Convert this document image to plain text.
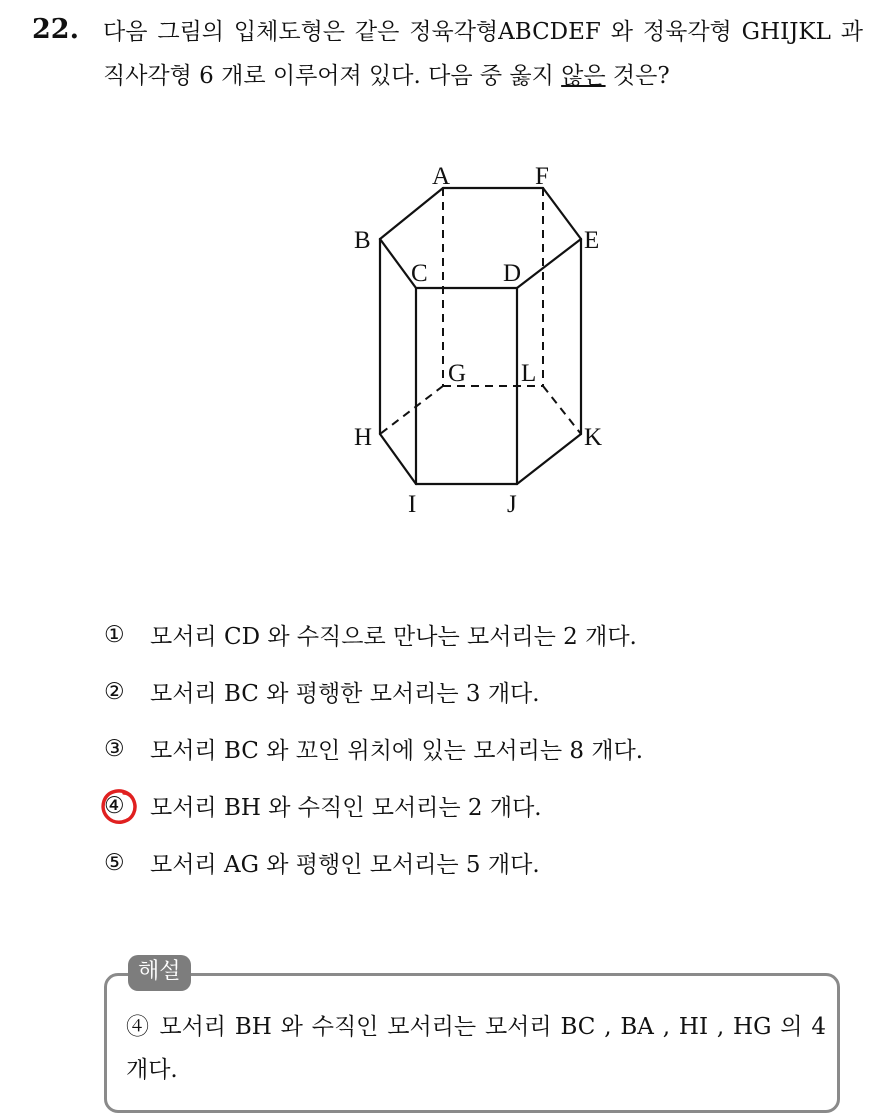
22. 다음 그림의 입체도형은 같은 정육각형ABCDEF 와 정육각형 GHIJKL 과 직사각형 6 개로 이루어져 있다. 다음 중 옳지 않은 것은?
A	F
B	E
C	D
G L
H	K
I	J
①	모서리 CD 와 수직으로 만나는 모서리는 2 개다.
②	모서리 BC 와 평행한 모서리는 3 개다.
③	모서리 BC 와 꼬인 위치에 있는 모서리는 8 개다.
④	모서리 BH 와 수직인 모서리는 2 개다.
⑤	모서리 AG 와 평행인 모서리는 5 개다.
해설
④ 모서리 BH 와 수직인 모서리는 모서리 BC , BA , HI , HG 의 4 개다.
